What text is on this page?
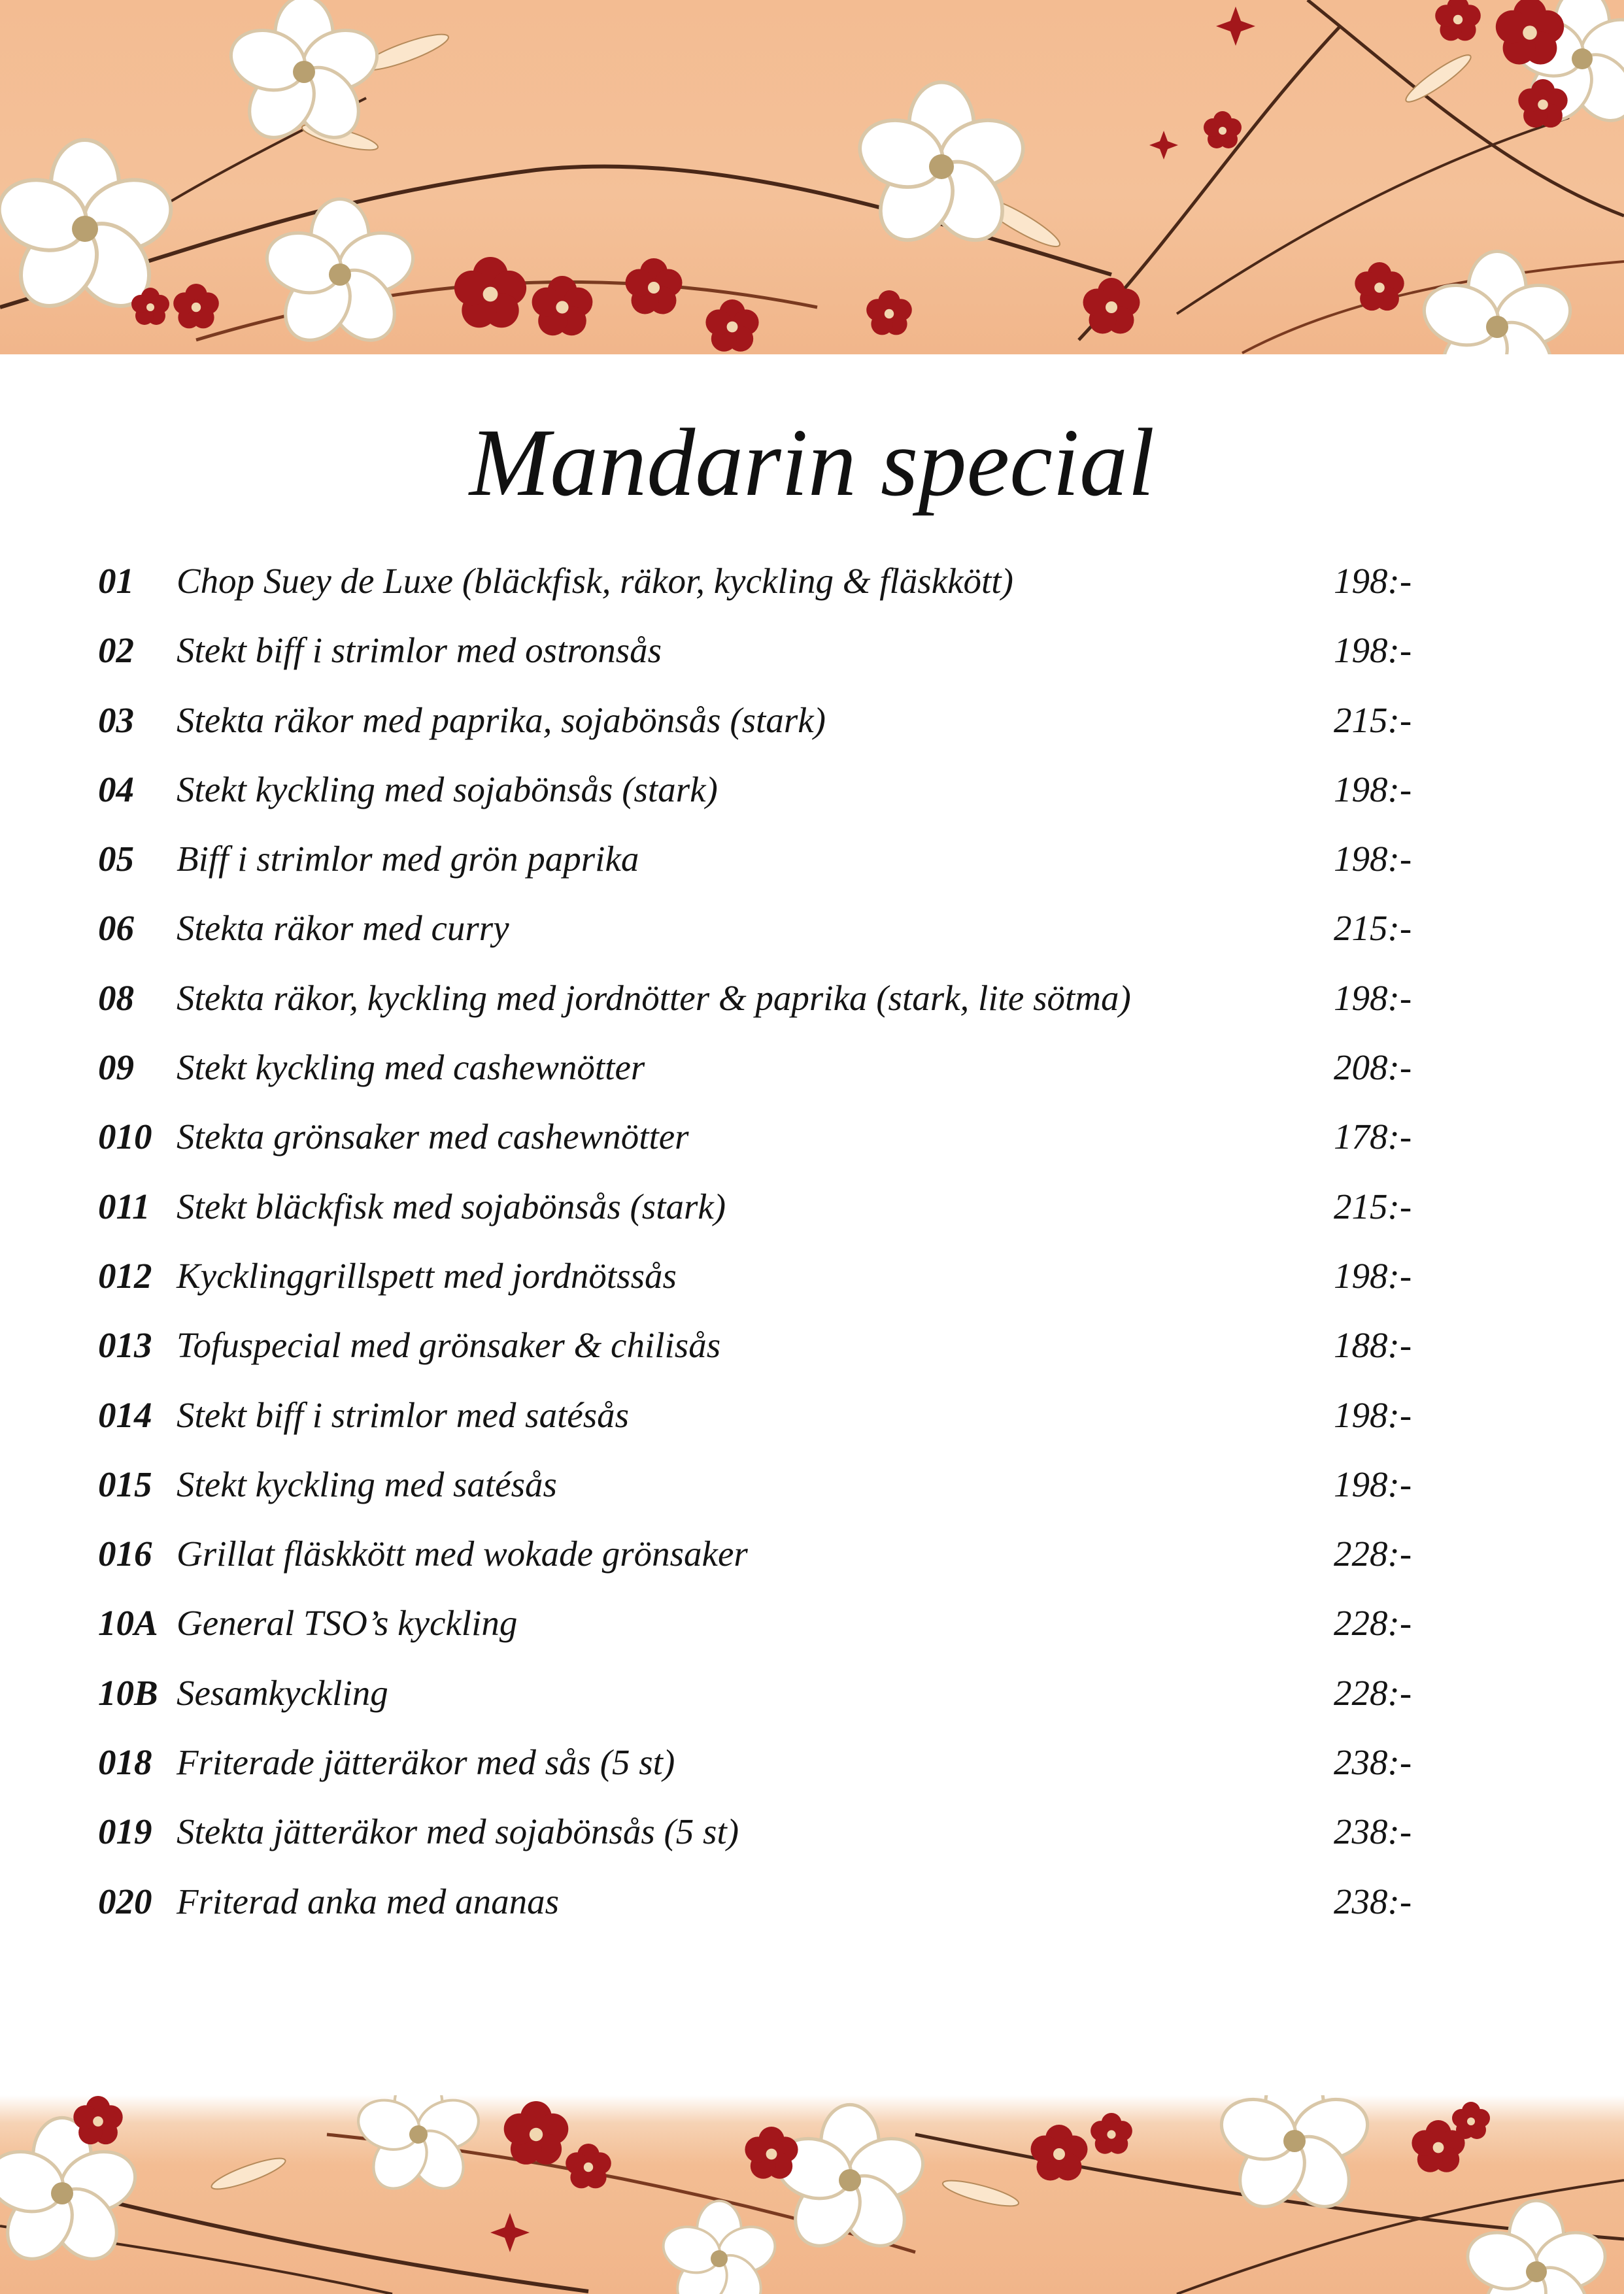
Mandarin special
01 Chop Suey de Luxe (bläckfisk, räkor, kyckling & fläskkött)	198:-
02 Stekt biff i strimlor med ostronsås	198:-
03 Stekta räkor med paprika, sojabönsås (stark)	215:-
04 Stekt kyckling med sojabönsås (stark)	198:-
05 Biff i strimlor med grön paprika	198:-
06 Stekta räkor med curry	215:-
08 Stekta räkor, kyckling med jordnötter & paprika (stark, lite sötma)	198:-
09 Stekt kyckling med cashewnötter	208:-
010 Stekta grönsaker med cashewnötter	178:-
011 Stekt bläckfisk med sojabönsås (stark)	215:-
012 Kycklinggrillspett med jordnötssås	198:-
013 Tofuspecial med grönsaker & chilisås	188:-
014 Stekt biff i strimlor med satésås	198:-
015 Stekt kyckling med satésås	198:-
016 Grillat fläskkött med wokade grönsaker	228:-
10A General TSO’s kyckling	228:-
10B Sesamkyckling	228:-
018 Friterade jätteräkor med sås (5 st)	238:-
019 Stekta jätteräkor med sojabönsås (5 st)	238:-
020 Friterad anka med ananas	238:-
